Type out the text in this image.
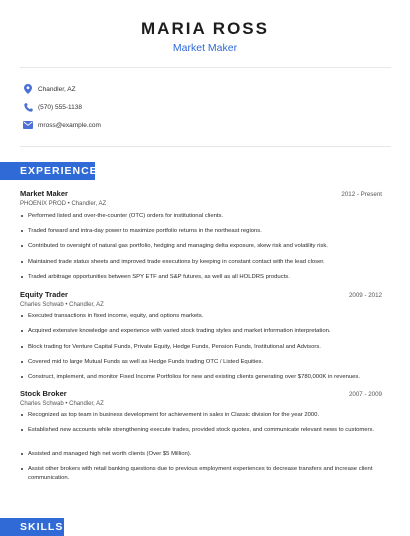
MARIA ROSS
Market Maker
Chandler, AZ
(570) 555-1138
mross@example.com
EXPERIENCE
Market Maker	2012 - Present
PHOENIX PROD • Chandler, AZ
Performed listed and over-the-counter (OTC) orders for institutional clients.
Traded forward and intra-day power to maximize portfolio returns in the northeast regions.
Contributed to oversight of natural gas portfolio, hedging and managing delta exposure, skew risk and volatility risk.
Maintained trade status sheets and improved trade executions by keeping in constant contact with the lead closer.
Traded arbitrage opportunities between SPY ETF and S&P futures, as well as all HOLDRS products.
Equity Trader	2009 - 2012
Charles Schwab • Chandler, AZ
Executed transactions in fixed income, equity, and options markets.
Acquired extensive knowledge and experience with varied stock trading styles and market information interpretation.
Block trading for Venture Capital Funds, Private Equity, Hedge Funds, Pension Funds, Institutional and Advisors.
Covered mid to large Mutual Funds as well as Hedge Funds trading OTC / Listed Equities.
Construct, implement, and monitor Fixed Income Portfolios for new and existing clients generating over $780,000K in revenues.
Stock Broker	2007 - 2009
Charles Schwab • Chandler, AZ
Recognized as top team in business development for achievement in sales in Classic division for the year 2000.
Established new accounts while strengthening execute trades, provided stock quotes, and communicate relevant news to customers.
Assisted and managed high net worth clients (Over $5 Million).
Assist other brokers with retail banking questions due to previous employment experiences to decrease transfers and increase client communication.
SKILLS
